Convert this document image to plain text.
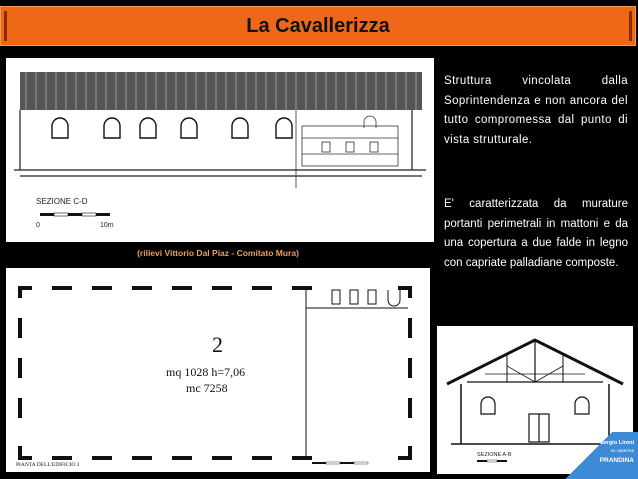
La Cavallerizza
SEZIONE C-D
0	10m
(rilievi Vittorio Dal Piaz - Comitato Mura)
2
mq 1028 h=7,06
mc 7258
PIANTA DELL'EDIFICIO 2
SEZIONE A-B
Struttura vincolata dalla Soprintendenza e non ancora del tutto compromessa dal punto di vista strutturale.
E' caratterizzata da murature portanti perimetrali in mattoni e da una copertura a due falde in legno con capriate palladiane composte.
Sergio Lironi
ex caserma
PRANDINA
